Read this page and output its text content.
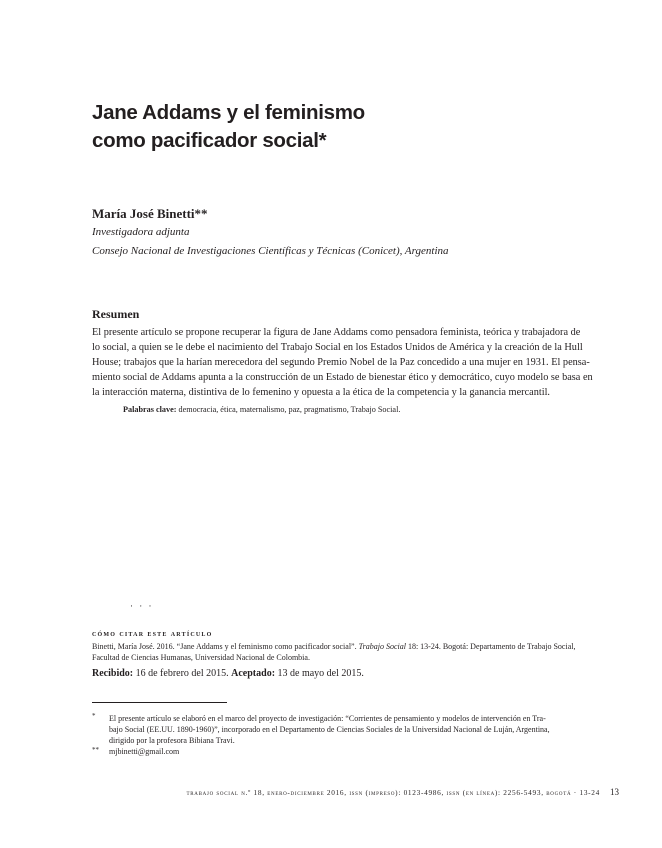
Jane Addams y el feminismo
como pacificador social*
María José Binetti**
Investigadora adjunta
Consejo Nacional de Investigaciones Científicas y Técnicas (Conicet), Argentina
Resumen
El presente artículo se propone recuperar la figura de Jane Addams como pensadora feminista, teórica y trabajadora de
lo social, a quien se le debe el nacimiento del Trabajo Social en los Estados Unidos de América y la creación de la Hull
House; trabajos que la harían merecedora del segundo Premio Nobel de la Paz concedido a una mujer en 1931. El pensa-
miento social de Addams apunta a la construcción de un Estado de bienestar ético y democrático, cuyo modelo se basa en
la interacción materna, distintiva de lo femenino y opuesta a la ética de la competencia y la ganancia mercantil.
Palabras clave: democracia, ética, maternalismo, paz, pragmatismo, Trabajo Social.
· · ·
cómo citar este artículo
Binetti, María José. 2016. “Jane Addams y el feminismo como pacificador social”. Trabajo Social 18: 13-24. Bogotá: Departamento de Trabajo Social,
Facultad de Ciencias Humanas, Universidad Nacional de Colombia.
Recibido: 16 de febrero del 2015. Aceptado: 13 de mayo del 2015.
* El presente artículo se elaboró en el marco del proyecto de investigación: “Corrientes de pensamiento y modelos de intervención en Tra-
bajo Social (EE.UU. 1890-1960)”, incorporado en el Departamento de Ciencias Sociales de la Universidad Nacional de Luján, Argentina,
dirigido por la profesora Bibiana Travi.
** mjbinetti@gmail.com
trabajo social n.º 18, enero-diciembre 2016, issn (impreso): 0123-4986, issn (en línea): 2256-5493, bogotá · 13-24 13
